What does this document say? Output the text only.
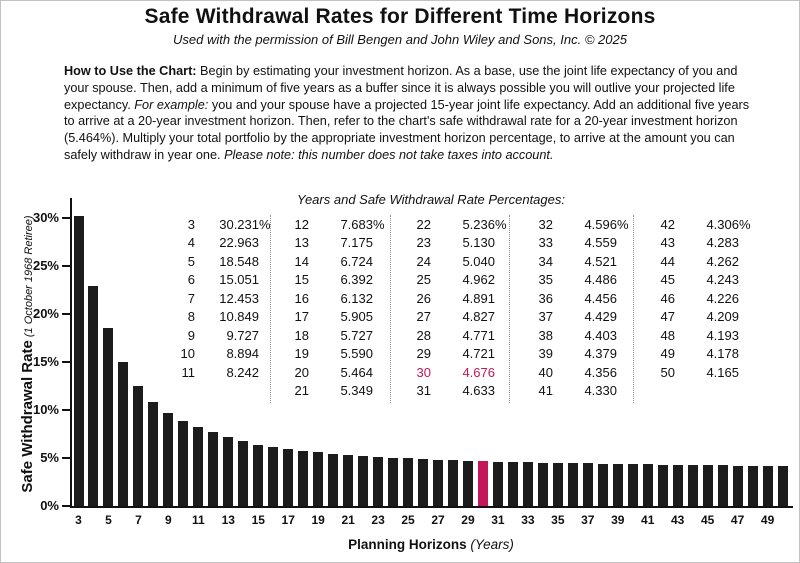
Safe Withdrawal Rates for Different Time Horizons
Used with the permission of Bill Bengen and John Wiley and Sons, Inc. © 2025
How to Use the Chart: Begin by estimating your investment horizon. As a base, use the joint life expectancy of you and your spouse. Then, add a minimum of five years as a buffer since it is always possible you will outlive your projected life expectancy. For example: you and your spouse have a projected 15-year joint life expectancy. Add an additional five years to arrive at a 20-year investment horizon. Then, refer to the chart's safe withdrawal rate for a 20-year investment horizon (5.464%). Multiply your total portfolio by the appropriate investment horizon percentage, to arrive at the amount you can safely withdraw in year one. Please note: this number does not take taxes into account.
Years and Safe Withdrawal Rate Percentages:
3	30.231 %
4	22.963
5	18.548
6	15.051
7	12.453
8	10.849
9	9.727
10	8.894
11	8.242
12	7.683 %
13	7.175
14	6.724
15	6.392
16	6.132
17	5.905
18	5.727
19	5.590
20	5.464
21	5.349
22	5.236 %
23	5.130
24	5.040
25	4.962
26	4.891
27	4.827
28	4.771
29	4.721
30	4.676
31	4.633
32	4.596 %
33	4.559
34	4.521
35	4.486
36	4.456
37	4.429
38	4.403
39	4.379
40	4.356
41	4.330
42	4.306 %
43	4.283
44	4.262
45	4.243
46	4.226
47	4.209
48	4.193
49	4.178
50	4.165
Safe Withdrawal Rate (1 October 1968 Retiree)
30%
25%
20%
15%
10%
5%
0%
3	5	7	9	11	13	15	17	19	21	23	25	27	29	31	33	35	37	39	41	43	45	47	49
Planning Horizons (Years)
